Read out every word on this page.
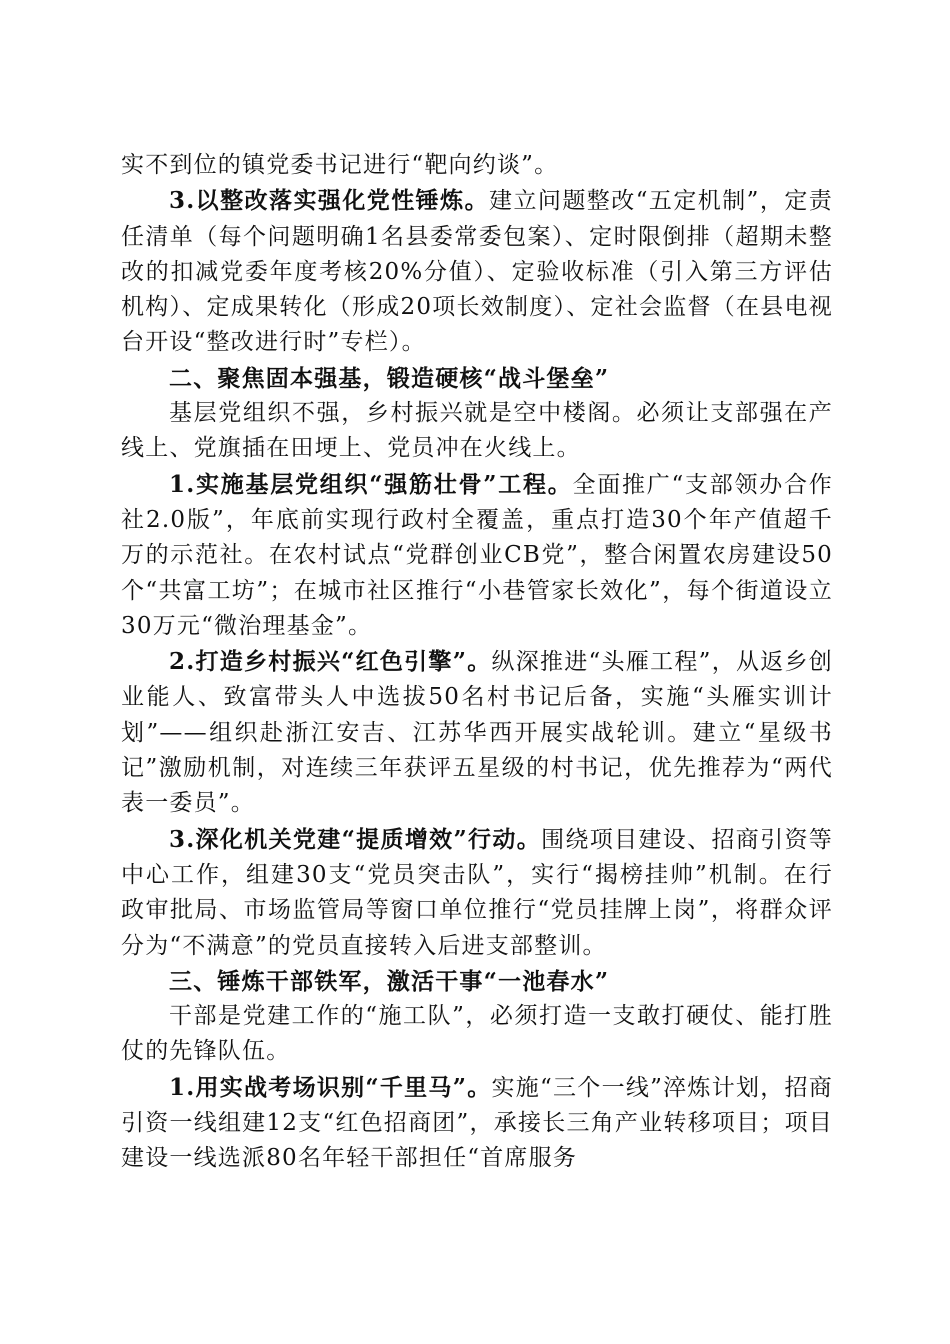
实不到位的镇党委书记进行“靶向约谈”。

3.以整改落实强化党性锤炼。建立问题整改“五定机制”，定责任清单（每个问题明确1名县委常委包案）、定时限倒排（超期未整改的扣减党委年度考核20%分值）、定验收标准（引入第三方评估机构）、定成果转化（形成20项长效制度）、定社会监督（在县电视台开设“整改进行时”专栏）。

二、聚焦固本强基，锻造硬核“战斗堡垒”

基层党组织不强，乡村振兴就是空中楼阁。必须让支部强在产线上、党旗插在田埂上、党员冲在火线上。

1.实施基层党组织“强筋壮骨”工程。全面推广“支部领办合作社2.0版”，年底前实现行政村全覆盖，重点打造30个年产值超千万的示范社。在农村试点“党群创业CB党”，整合闲置农房建设50个“共富工坊”；在城市社区推行“小巷管家长效化”，每个街道设立30万元“微治理基金”。

2.打造乡村振兴“红色引擎”。纵深推进“头雁工程”，从返乡创业能人、致富带头人中选拔50名村书记后备，实施“头雁实训计划”——组织赴浙江安吉、江苏华西开展实战轮训。建立“星级书记”激励机制，对连续三年获评五星级的村书记，优先推荐为“两代表一委员”。

3.深化机关党建“提质增效”行动。围绕项目建设、招商引资等中心工作，组建30支“党员突击队”，实行“揭榜挂帅”机制。在行政审批局、市场监管局等窗口单位推行“党员挂牌上岗”，将群众评分为“不满意”的党员直接转入后进支部整训。

三、锤炼干部铁军，激活干事“一池春水”

干部是党建工作的“施工队”，必须打造一支敢打硬仗、能打胜仗的先锋队伍。

1.用实战考场识别“千里马”。实施“三个一线”淬炼计划，招商引资一线组建12支“红色招商团”，承接长三角产业转移项目；项目建设一线选派80名年轻干部担任“首席服务
